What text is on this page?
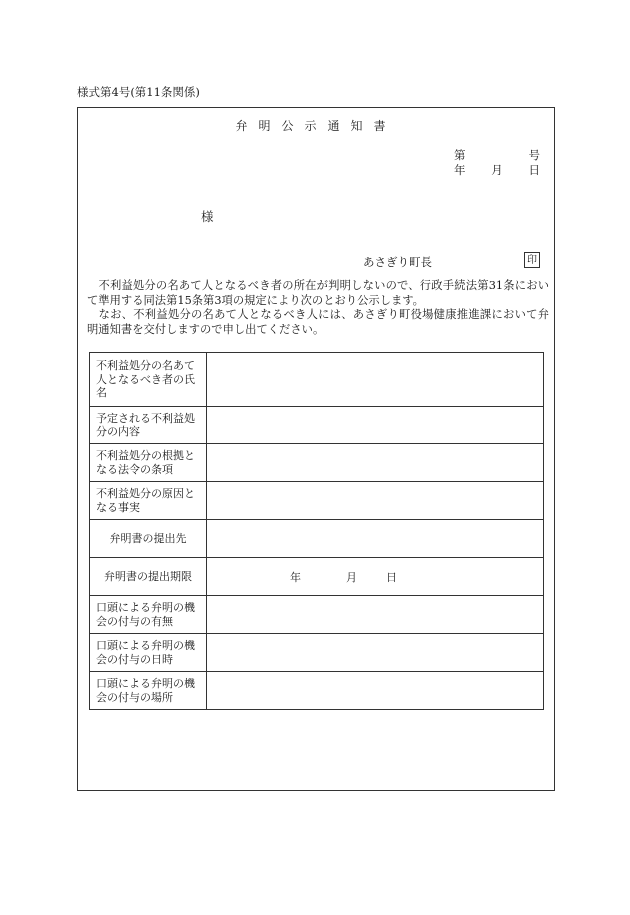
様式第4号(第11条関係)
弁明公示通知書
第	号
年 月 日
様
あさぎり町長	印

　不利益処分の名あて人となるべき者の所在が判明しないので、行政手続法第31条において準用する同法第15条第3項の規定により次のとおり公示します。

　なお、不利益処分の名あて人となるべき人には、あさぎり町役場健康推進課において弁明通知書を交付しますので申し出てください。

不利益処分の名あて人となるべき者の氏名	
予定される不利益処分の内容	
不利益処分の根拠となる法令の条項	
不利益処分の原因となる事実	
弁明書の提出先	
弁明書の提出期限	年 月 日

口頭による弁明の機会の付与の有無	
口頭による弁明の機会の付与の日時	
口頭による弁明の機会の付与の場所	
